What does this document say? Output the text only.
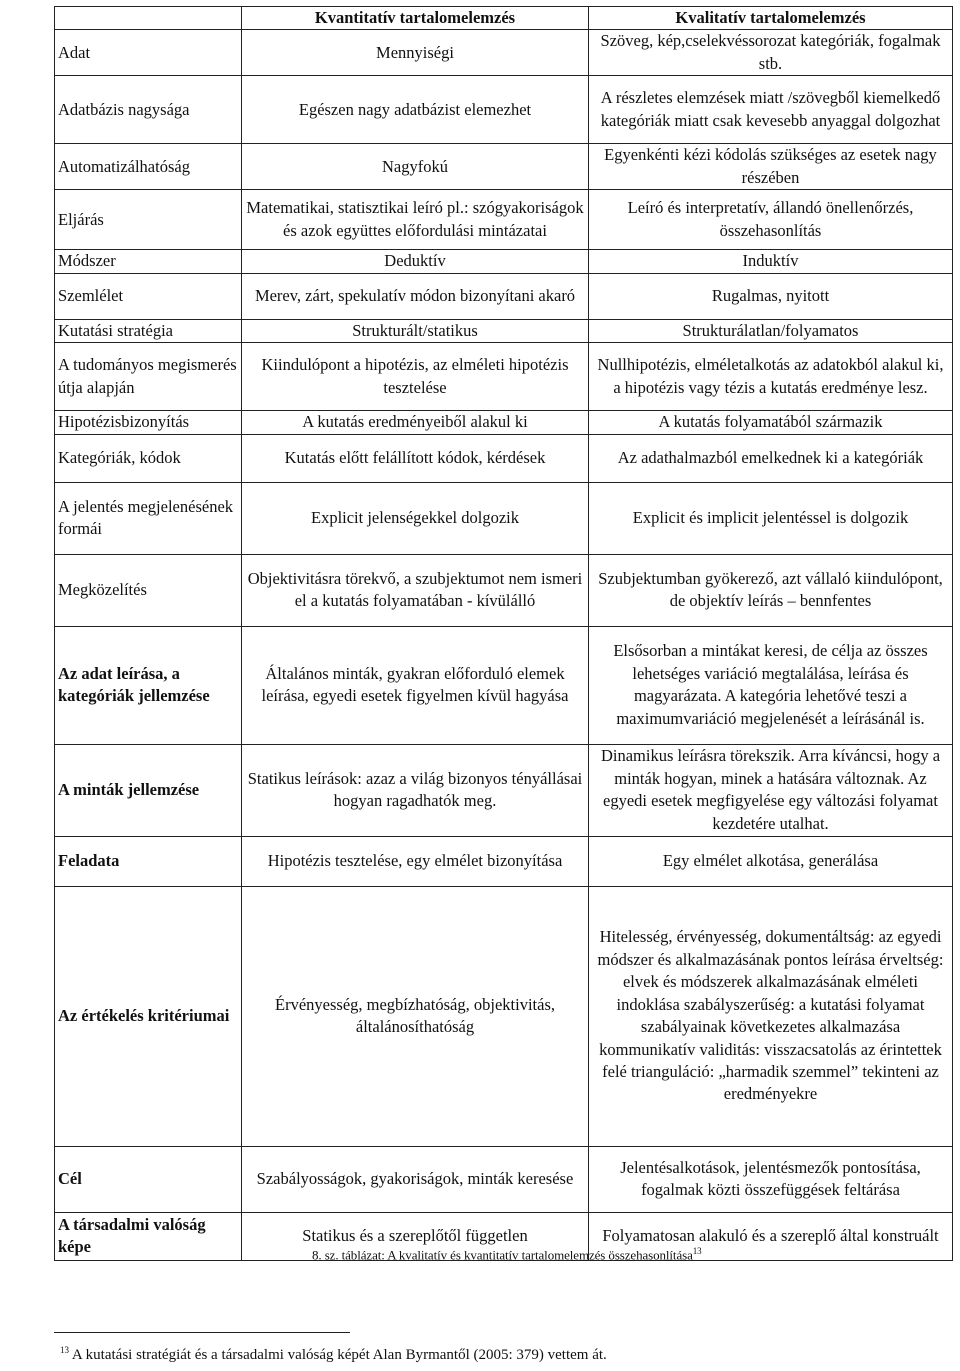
	Kvantitatív tartalomelemzés	Kvalitatív tartalomelemzés
Adat	Mennyiségi	Szöveg, kép,cselekvéssorozat kategóriák, fogalmak stb.
Adatbázis nagysága	Egészen nagy adatbázist elemezhet	A részletes elemzések miatt /szövegből kiemelkedő kategóriák miatt csak kevesebb anyaggal dolgozhat
Automatizálhatóság	Nagyfokú	Egyenkénti kézi kódolás szükséges az esetek nagy részében
Eljárás	Matematikai, statisztikai leíró pl.: szógyakoriságok és azok együttes előfordulási mintázatai	Leíró és interpretatív, állandó önellenőrzés, összehasonlítás
Módszer	Deduktív	Induktív
Szemlélet	Merev, zárt, spekulatív módon bizonyítani akaró	Rugalmas, nyitott
Kutatási stratégia	Strukturált/statikus	Strukturálatlan/folyamatos
A tudományos megismerés útja alapján	Kiindulópont a hipotézis, az elméleti hipotézis tesztelése	Nullhipotézis, elméletalkotás az adatokból alakul ki, a hipotézis vagy tézis a kutatás eredménye lesz.
Hipotézisbizonyítás	A kutatás eredményeiből alakul ki	A kutatás folyamatából származik
Kategóriák, kódok	Kutatás előtt felállított kódok, kérdések	Az adathalmazból emelkednek ki a kategóriák
A jelentés megjelenésének formái	Explicit jelenségekkel dolgozik	Explicit és implicit jelentéssel is dolgozik
Megközelítés	Objektivitásra törekvő, a szubjektumot nem ismeri el a kutatás folyamatában - kívülálló	Szubjektumban gyökerező, azt vállaló kiindulópont, de objektív leírás – bennfentes
Az adat leírása, a kategóriák jellemzése	Általános minták, gyakran előforduló elemek leírása, egyedi esetek figyelmen kívül hagyása	Elsősorban a mintákat keresi, de célja az összes lehetséges variáció megtalálása, leírása és magyarázata. A kategória lehetővé teszi a maximumvariáció megjelenését a leírásánál is.
A minták jellemzése	Statikus leírások: azaz a világ bizonyos tényállásai hogyan ragadhatók meg.	Dinamikus leírásra törekszik. Arra kíváncsi, hogy a minták hogyan, minek a hatására változnak. Az egyedi esetek megfigyelése egy változási folyamat kezdetére utalhat.
Feladata	Hipotézis tesztelése, egy elmélet bizonyítása	Egy elmélet alkotása, generálása
Az értékelés kritériumai	Érvényesség, megbízhatóság, objektivitás, általánosíthatóság	Hitelesség, érvényesség, dokumentáltság: az egyedi módszer és alkalmazásának pontos leírása érveltség: elvek és módszerek alkalmazásának elméleti indoklása szabályszerűség: a kutatási folyamat szabályainak következetes alkalmazása kommunikatív validitás: visszacsatolás az érintettek felé trianguláció: „harmadik szemmel” tekinteni az eredményekre
Cél	Szabályosságok, gyakoriságok, minták keresése	Jelentésalkotások, jelentésmezők pontosítása, fogalmak közti összefüggések feltárása
A társadalmi valóság képe	Statikus és a szereplőtől független	Folyamatosan alakuló és a szereplő által konstruált
8. sz. táblázat: A kvalitatív és kvantitatív tartalomelemzés összehasonlítása$^{13}$
$^{13}$ A kutatási stratégiát és a társadalmi valóság képét Alan Byrmantől (2005: 379) vettem át.
